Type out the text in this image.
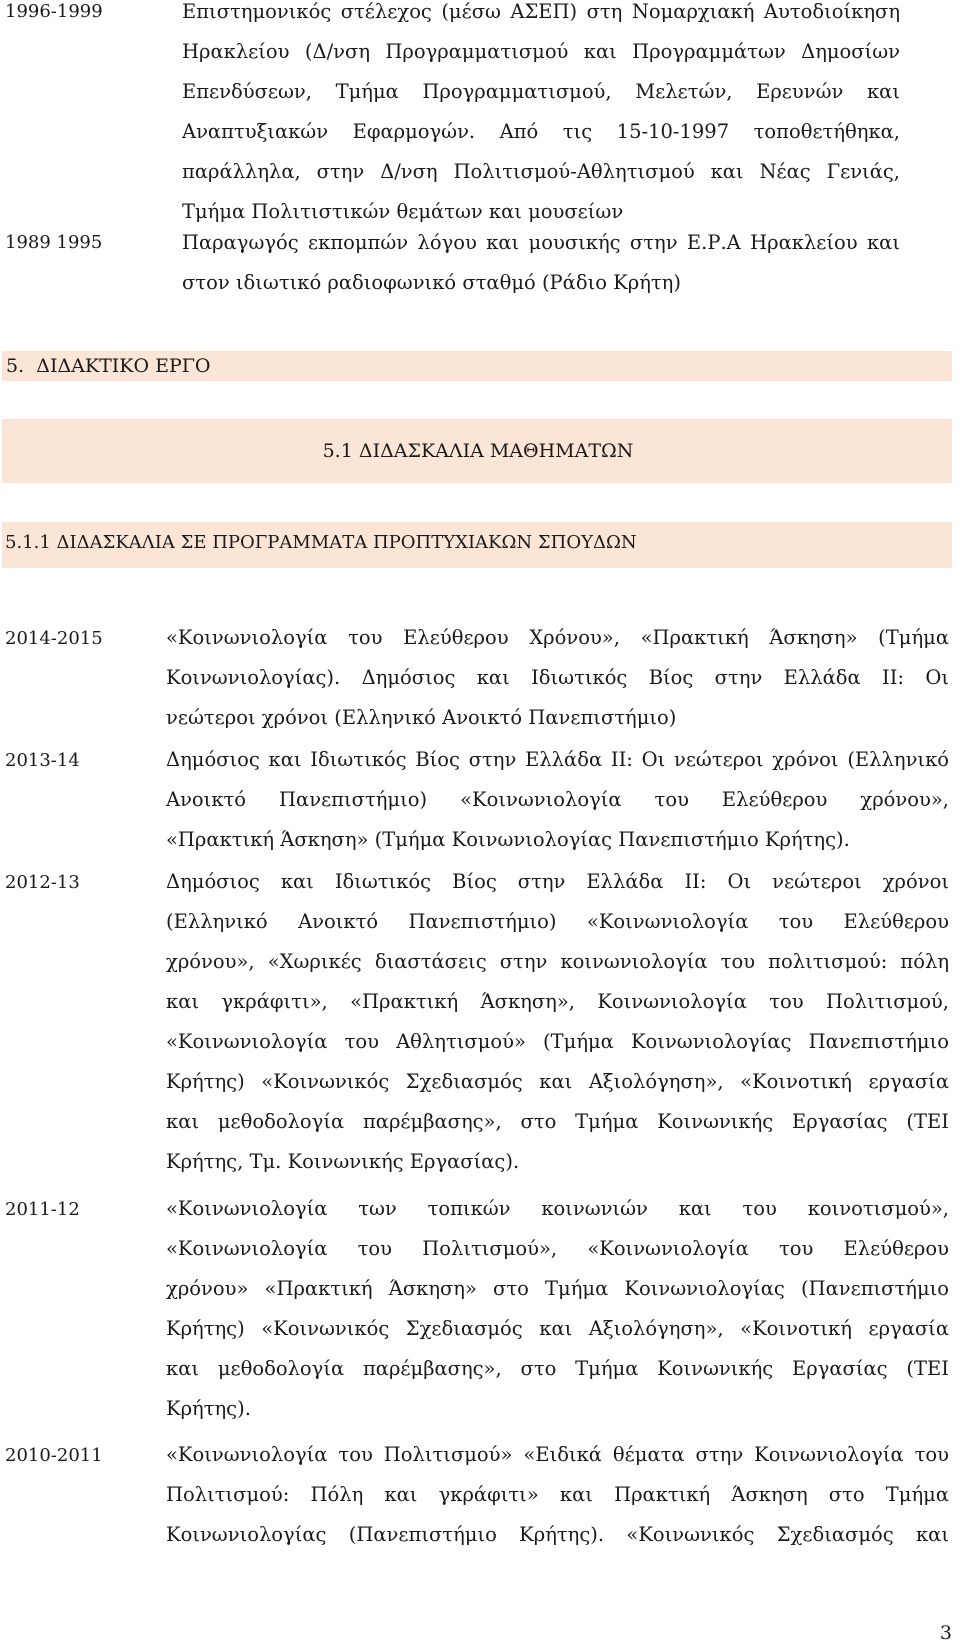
1996-1999	Επιστημονικός στέλεχος (μέσω ΑΣΕΠ) στη Νομαρχιακή Αυτοδιοίκηση
Ηρακλείου (Δ/νση Προγραμματισμού και Προγραμμάτων Δημοσίων
Επενδύσεων, Τμήμα Προγραμματισμού, Μελετών, Ερευνών και
Αναπτυξιακών Εφαρμογών. Από τις 15-10-1997 τοποθετήθηκα,
παράλληλα, στην Δ/νση Πολιτισμού-Αθλητισμού και Νέας Γενιάς,
Τμήμα Πολιτιστικών θεμάτων και μουσείων
1989 1995	Παραγωγός εκπομπών λόγου και μουσικής στην Ε.Ρ.Α Ηρακλείου και
στον ιδιωτικό ραδιοφωνικό σταθμό (Ράδιο Κρήτη)
5. ΔΙΔΑΚΤΙΚΟ ΕΡΓΟ
5.1 ΔΙΔΑΣΚΑΛΙΑ ΜΑΘΗΜΑΤΩΝ
5.1.1 ΔΙΔΑΣΚΑΛΙΑ ΣΕ ΠΡΟΓΡΑΜΜΑΤΑ ΠΡΟΠΤΥΧΙΑΚΩΝ ΣΠΟΥΔΩΝ
2014-2015	«Κοινωνιολογία του Ελεύθερου Χρόνου», «Πρακτική Άσκηση» (Τμήμα
Κοινωνιολογίας). Δημόσιος και Ιδιωτικός Βίος στην Ελλάδα ΙΙ: Οι
νεώτεροι χρόνοι (Ελληνικό Ανοικτό Πανεπιστήμιο)
2013-14	Δημόσιος και Ιδιωτικός Βίος στην Ελλάδα ΙΙ: Οι νεώτεροι χρόνοι (Ελληνικό
Ανοικτό Πανεπιστήμιο) «Κοινωνιολογία του Ελεύθερου χρόνου»,
«Πρακτική Άσκηση» (Τμήμα Κοινωνιολογίας Πανεπιστήμιο Κρήτης).
2012-13	Δημόσιος και Ιδιωτικός Βίος στην Ελλάδα ΙΙ: Οι νεώτεροι χρόνοι
(Ελληνικό Ανοικτό Πανεπιστήμιο) «Κοινωνιολογία του Ελεύθερου
χρόνου», «Χωρικές διαστάσεις στην κοινωνιολογία του πολιτισμού: πόλη
και γκράφιτι», «Πρακτική Άσκηση», Κοινωνιολογία του Πολιτισμού,
«Κοινωνιολογία του Αθλητισμού» (Τμήμα Κοινωνιολογίας Πανεπιστήμιο
Κρήτης) «Κοινωνικός Σχεδιασμός και Αξιολόγηση», «Κοινοτική εργασία
και μεθοδολογία παρέμβασης», στο Τμήμα Κοινωνικής Εργασίας (ΤΕΙ
Κρήτης, Τμ. Κοινωνικής Εργασίας).
2011-12	«Κοινωνιολογία των τοπικών κοινωνιών και του κοινοτισμού»,
«Κοινωνιολογία του Πολιτισμού», «Κοινωνιολογία του Ελεύθερου
χρόνου» «Πρακτική Άσκηση» στο Τμήμα Κοινωνιολογίας (Πανεπιστήμιο
Κρήτης) «Κοινωνικός Σχεδιασμός και Αξιολόγηση», «Κοινοτική εργασία
και μεθοδολογία παρέμβασης», στο Τμήμα Κοινωνικής Εργασίας (ΤΕΙ
Κρήτης).
2010-2011	«Κοινωνιολογία του Πολιτισμού» «Ειδικά θέματα στην Κοινωνιολογία του
Πολιτισμού: Πόλη και γκράφιτι» και Πρακτική Άσκηση στο Τμήμα
Κοινωνιολογίας (Πανεπιστήμιο Κρήτης). «Κοινωνικός Σχεδιασμός και
3
